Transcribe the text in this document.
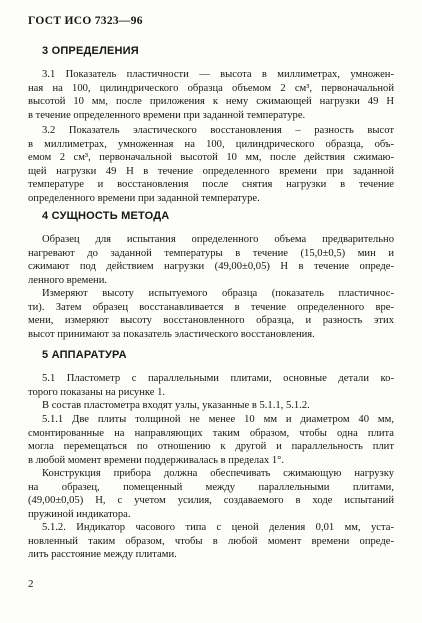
ГОСТ ИСО 7323—96
3 ОПРЕДЕЛЕНИЯ
3.1 Показатель пластичности — высота в миллиметрах, умножен-
ная на 100, цилиндрического образца объемом 2 см³, первоначальной
высотой 10 мм, после приложения к нему сжимающей нагрузки 49 Н
в течение определенного времени при заданной температуре.
3.2 Показатель эластического восстановления – разность высот
в миллиметрах, умноженная на 100, цилиндрического образца, объ-
емом 2 см³, первоначальной высотой 10 мм, после действия сжимаю-
щей нагрузки 49 Н в течение определенного времени при заданной
температуре и восстановления после снятия нагрузки в течение
определенного времени при заданной температуре.
4 СУЩНОСТЬ МЕТОДА
Образец для испытания определенного объема предварительно
нагревают до заданной температуры в течение (15,0±0,5) мин и
сжимают под действием нагрузки (49,00±0,05) Н в течение опреде-
ленного времени.
Измеряют высоту испытуемого образца (показатель пластичнос-
ти). Затем образец восстанавливается в течение определенного вре-
мени, измеряют высоту восстановленного образца, и разность этих
высот принимают за показатель эластического восстановления.
5 АППАРАТУРА
5.1 Пластометр с параллельными плитами, основные детали ко-
торого показаны на рисунке 1.
В состав пластометра входят узлы, указанные в 5.1.1, 5.1.2.
5.1.1 Две плиты толщиной не менее 10 мм и диаметром 40 мм,
смонтированные на направляющих таким образом, чтобы одна плита
могла перемещаться по отношению к другой и параллельность плит
в любой момент времени поддерживалась в пределах 1°.
Конструкция прибора должна обеспечивать сжимающую нагрузку
на образец, помещенный между параллельными плитами,
(49,00±0,05) Н, с учетом усилия, создаваемого в ходе испытаний
пружиной индикатора.
5.1.2. Индикатор часового типа с ценой деления 0,01 мм, уста-
новленный таким образом, чтобы в любой момент времени опреде-
лить расстояние между плитами.
2
